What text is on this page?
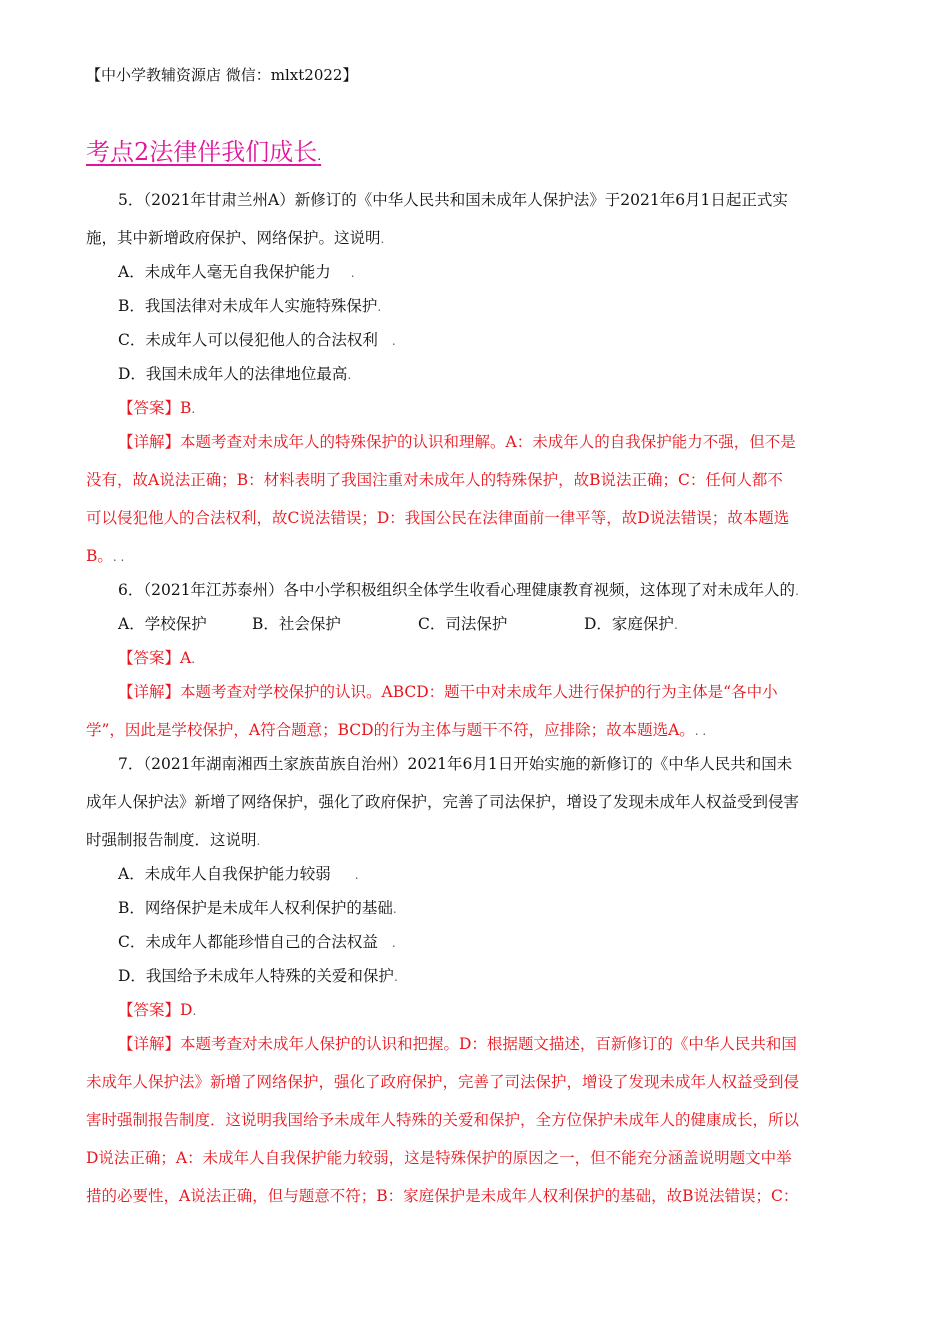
【中小学教辅资源店 微信：mlxt2022】
考点2法律伴我们成长.
5．（2021年甘肃兰州A）新修订的《中华人民共和国未成年人保护法》于2021年6月1日起正式实
施，其中新增政府保护、网络保护。这说明.
A．未成年人毫无自我保护能力 .
B．我国法律对未成年人实施特殊保护.
C．未成年人可以侵犯他人的合法权利 .
D．我国未成年人的法律地位最高.
【答案】B.
【详解】本题考查对未成年人的特殊保护的认识和理解。A：未成年人的自我保护能力不强，但不是
没有，故A说法正确；B：材料表明了我国注重对未成年人的特殊保护，故B说法正确；C：任何人都不
可以侵犯他人的合法权利，故C说法错误；D：我国公民在法律面前一律平等，故D说法错误；故本题选
B。. .
6．（2021年江苏泰州）各中小学积极组织全体学生收看心理健康教育视频，这体现了对未成年人的.
A．学校保护	B．社会保护	C．司法保护	D．家庭保护.
【答案】A.
【详解】本题考查对学校保护的认识。ABCD：题干中对未成年人进行保护的行为主体是“各中小
学”，因此是学校保护，A符合题意；BCD的行为主体与题干不符，应排除；故本题选A。. .
7．（2021年湖南湘西土家族苗族自治州）2021年6月1日开始实施的新修订的《中华人民共和国未
成年人保护法》新增了网络保护，强化了政府保护，完善了司法保护，增设了发现未成年人权益受到侵害
时强制报告制度．这说明.
A．未成年人自我保护能力较弱 .
B．网络保护是未成年人权利保护的基础.
C．未成年人都能珍惜自己的合法权益 .
D．我国给予未成年人特殊的关爱和保护.
【答案】D.
【详解】本题考查对未成年人保护的认识和把握。D：根据题文描述，百新修订的《中华人民共和国
未成年人保护法》新增了网络保护，强化了政府保护，完善了司法保护，增设了发现未成年人权益受到侵
害时强制报告制度．这说明我国给予未成年人特殊的关爱和保护，全方位保护未成年人的健康成长，所以
D说法正确；A：未成年人自我保护能力较弱，这是特殊保护的原因之一，但不能充分涵盖说明题文中举
措的必要性，A说法正确，但与题意不符；B：家庭保护是未成年人权利保护的基础，故B说法错误；C：
